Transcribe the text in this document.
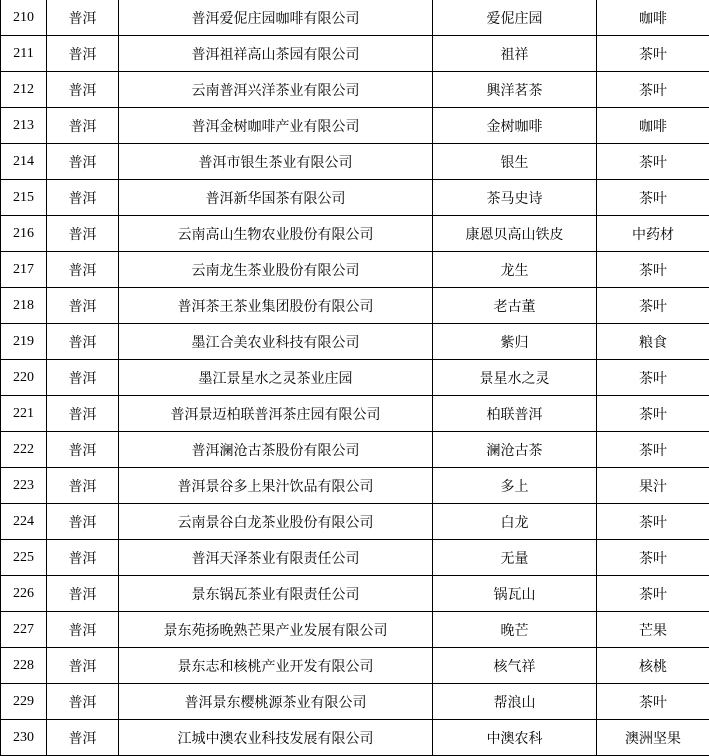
210	普洱	普洱爱伲庄园咖啡有限公司	爱伲庄园	咖啡
211	普洱	普洱祖祥高山茶园有限公司	祖祥	茶叶
212	普洱	云南普洱兴洋茶业有限公司	興洋茗茶	茶叶
213	普洱	普洱金树咖啡产业有限公司	金树咖啡	咖啡
214	普洱	普洱市银生茶业有限公司	银生	茶叶
215	普洱	普洱新华国茶有限公司	茶马史诗	茶叶
216	普洱	云南高山生物农业股份有限公司	康恩贝高山铁皮	中药材
217	普洱	云南龙生茶业股份有限公司	龙生	茶叶
218	普洱	普洱茶王茶业集团股份有限公司	老古董	茶叶
219	普洱	墨江合美农业科技有限公司	紫归	粮食
220	普洱	墨江景星水之灵茶业庄园	景星水之灵	茶叶
221	普洱	普洱景迈柏联普洱茶庄园有限公司	柏联普洱	茶叶
222	普洱	普洱澜沧古茶股份有限公司	澜沧古茶	茶叶
223	普洱	普洱景谷多上果汁饮品有限公司	多上	果汁
224	普洱	云南景谷白龙茶业股份有限公司	白龙	茶叶
225	普洱	普洱天泽茶业有限责任公司	无量	茶叶
226	普洱	景东锅瓦茶业有限责任公司	锅瓦山	茶叶
227	普洱	景东苑扬晚熟芒果产业发展有限公司	晚芒	芒果
228	普洱	景东志和核桃产业开发有限公司	核气祥	核桃
229	普洱	普洱景东樱桃源茶业有限公司	帮浪山	茶叶
230	普洱	江城中澳农业科技发展有限公司	中澳农科	澳洲坚果
